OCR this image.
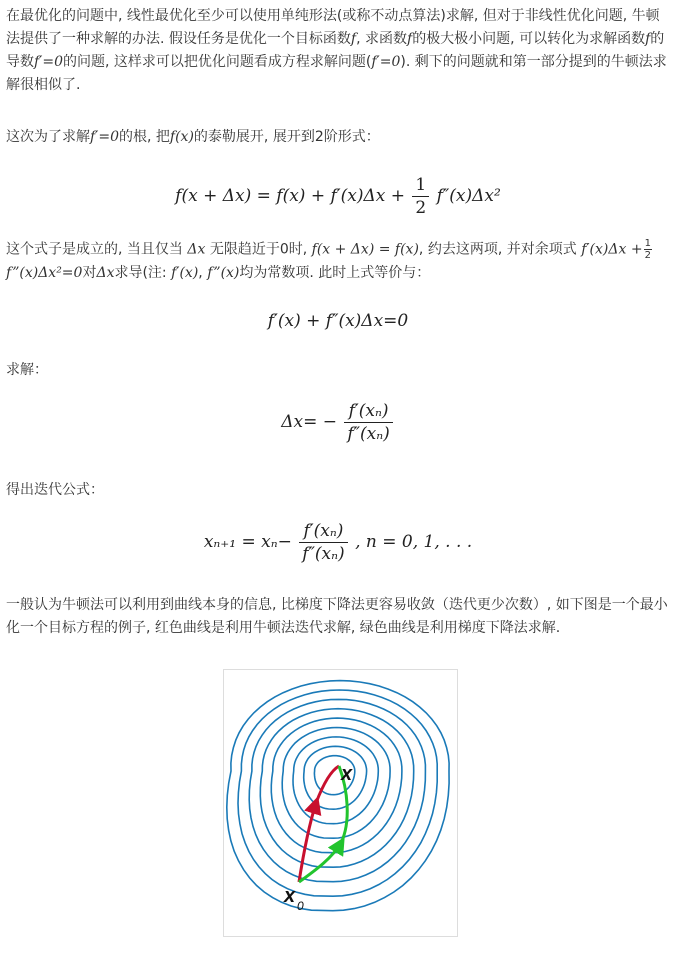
在最优化的问题中, 线性最优化至少可以使用单纯形法(或称不动点算法)求解, 但对于非线性优化问题, 牛顿法提供了一种求解的办法. 假设任务是优化一个目标函数f, 求函数f的极大极小问题, 可以转化为求解函数f的导数f′=0的问题, 这样求可以把优化问题看成方程求解问题(f′=0). 剩下的问题就和第一部分提到的牛顿法求解很相似了.

这次为了求解f′=0的根, 把f(x)的泰勒展开, 展开到2阶形式：

$f(x + \Delta x) = f(x) + f'(x)\Delta x + \frac{1}{2} f''(x)\Delta x^2$

这个式子是成立的, 当且仅当 Δx 无限趋近于0时, f(x + Δx) = f(x), 约去这两项, 并对余项式 $f'(x)\Delta x + \frac{1}{2}$
f”(x)Δx²=0对Δx求导(注: f′(x), f”(x)均为常数项. 此时上式等价与：

f′(x) + f″(x)Δx=0

求解：

$\Delta x= - \frac{\text{f′(xₙ)}}{\text{f″(xₙ)}}$

得出迭代公式：

$x_{n+1} = x_n- \frac{\text{f′(xₙ)}}{\text{f″(xₙ)}}$ , n = 0, 1, . . .

一般认为牛顿法可以利用到曲线本身的信息, 比梯度下降法更容易收敛（迭代更少次数）, 如下图是一个最小化一个目标方程的例子, 红色曲线是利用牛顿法迭代求解, 绿色曲线是利用梯度下降法求解.

x
x 0
